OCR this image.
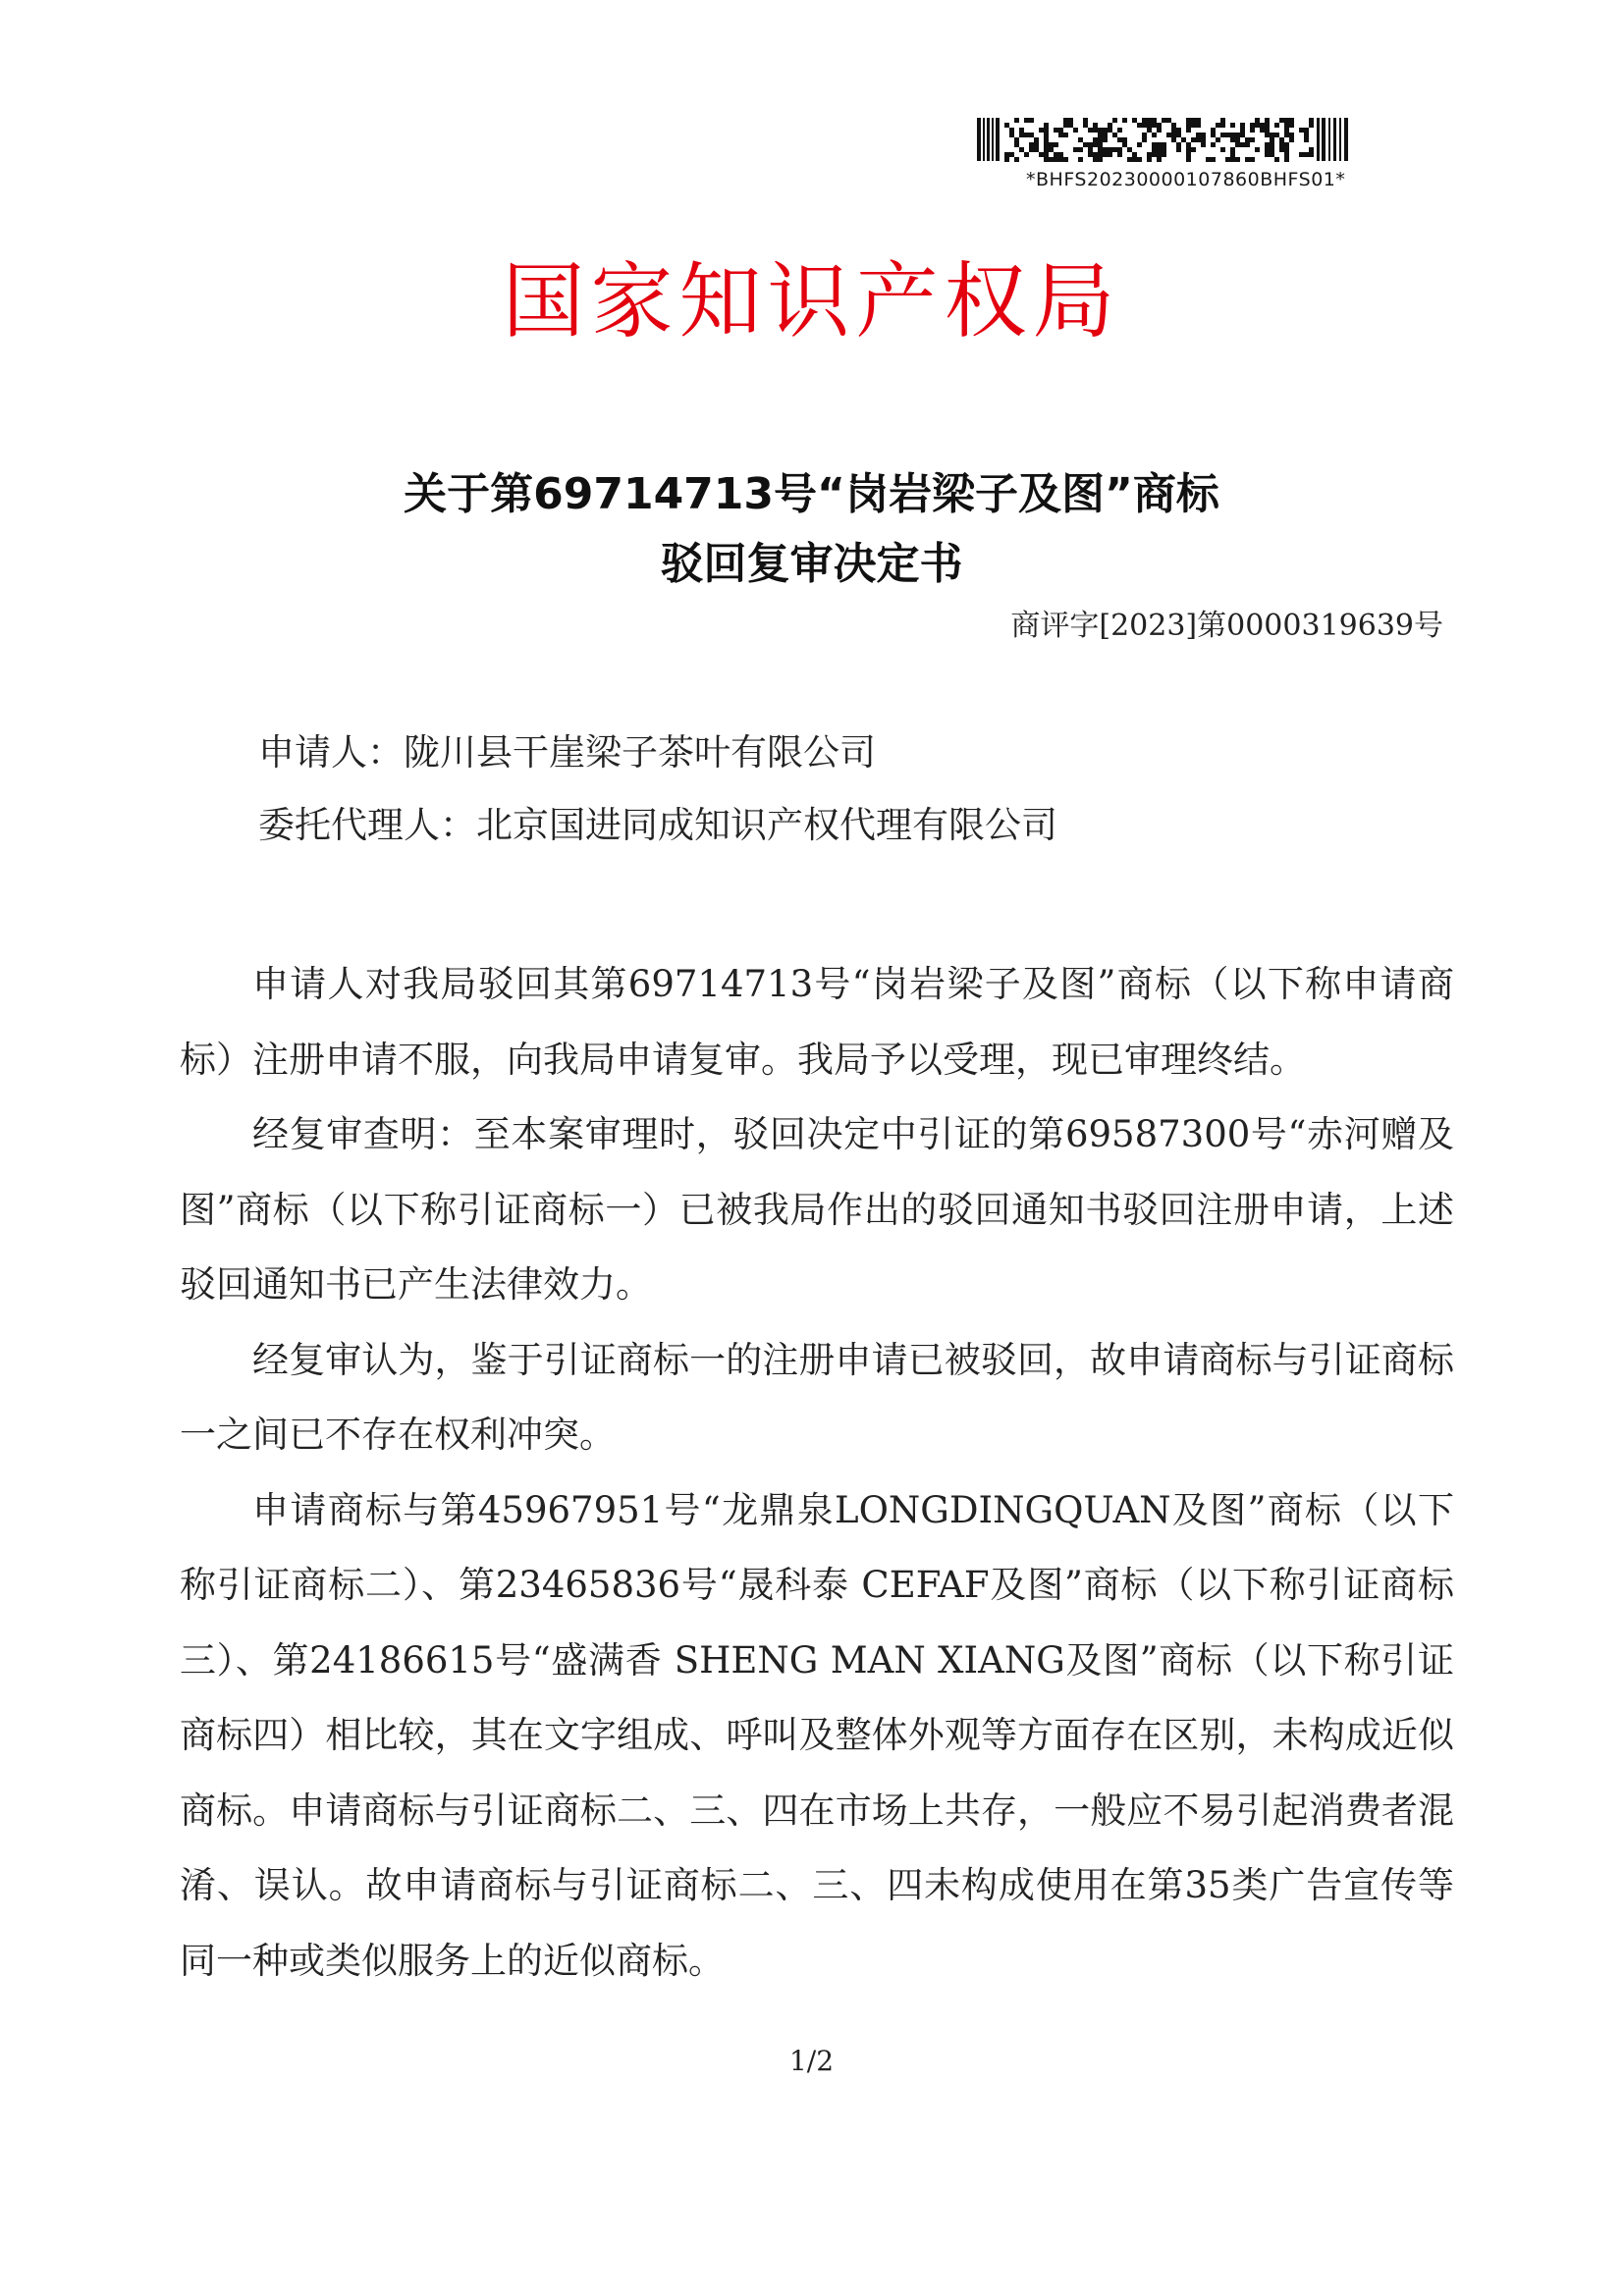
*BHFS20230000107860BHFS01*
国家知识产权局
关于第69714713号“岗岩梁子及图”商标
驳回复审决定书
商评字[2023]第0000319639号
申请人：陇川县干崖梁子茶叶有限公司
委托代理人：北京国进同成知识产权代理有限公司

申请人对我局驳回其第69714713号“岗岩梁子及图”商标（以下称申请商标）注册申请不服，向我局申请复审。我局予以受理，现已审理终结。

经复审查明：至本案审理时，驳回决定中引证的第69587300号“赤河赠及图”商标（以下称引证商标一）已被我局作出的驳回通知书驳回注册申请，上述驳回通知书已产生法律效力。

经复审认为，鉴于引证商标一的注册申请已被驳回，故申请商标与引证商标一之间已不存在权利冲突。

申请商标与第45967951号“龙鼎泉LONGDINGQUAN及图”商标（以下称引证商标二）、第23465836号“晟科泰 CEFAF及图”商标（以下称引证商标三）、第24186615号“盛满香 SHENG MAN XIANG及图”商标（以下称引证商标四）相比较，其在文字组成、呼叫及整体外观等方面存在区别，未构成近似商标。申请商标与引证商标二、三、四在市场上共存，一般应不易引起消费者混淆、误认。故申请商标与引证商标二、三、四未构成使用在第35类广告宣传等同一种或类似服务上的近似商标。

1/2
